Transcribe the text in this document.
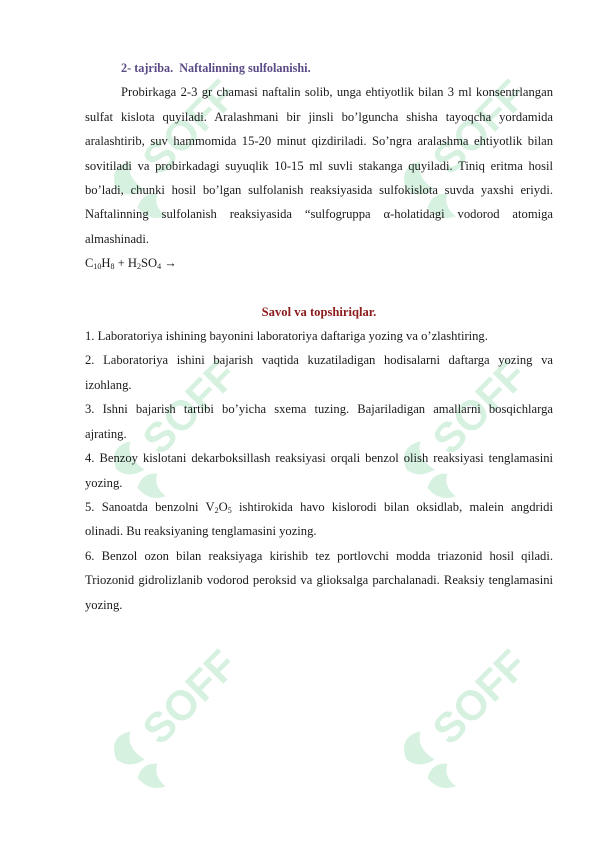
SOFF	SOFF
SOFF	SOFF
SOFF	SOFF
2- tajriba. Naftalinning sulfolanishi.

Probirkaga 2-3 gr chamasi naftalin solib, unga ehtiyotlik bilan 3 ml konsentrlangan sulfat kislota quyiladi. Aralashmani bir jinsli bo’lguncha shisha tayoqcha yordamida aralashtirib, suv hammomida 15-20 minut qizdiriladi. So’ngra aralashma ehtiyotlik bilan sovitiladi va probirkadagi suyuqlik 10-15 ml suvli stakanga quyiladi. Tiniq eritma hosil bo’ladi, chunki hosil bo’lgan sulfolanish reaksiyasida sulfokislota suvda yaxshi eriydi. Naftalinning sulfolanish reaksiyasida “sulfogruppa α-holatidagi vodorod atomiga almashinadi.

$C_{10}H_8 + H_2SO_4$ →

Savol va topshiriqlar.

1. Laboratoriya ishining bayonini laboratoriya daftariga yozing va o’zlashtiring.

2. Laboratoriya ishini bajarish vaqtida kuzatiladigan hodisalarni daftarga yozing va izohlang.

3. Ishni bajarish tartibi bo’yicha sxema tuzing. Bajariladigan amallarni bosqichlarga ajrating.

4. Benzoy kislotani dekarboksillash reaksiyasi orqali benzol olish reaksiyasi tenglamasini yozing.

5. Sanoatda benzolni $V_2O_5$ ishtirokida havo kislorodi bilan oksidlab, malein angdridi olinadi. Bu reaksiyaning tenglamasini yozing.

6. Benzol ozon bilan reaksiyaga kirishib tez portlovchi modda triazonid hosil qiladi. Triozonid gidrolizlanib vodorod peroksid va glioksalga parchalanadi. Reaksiy tenglamasini yozing.
